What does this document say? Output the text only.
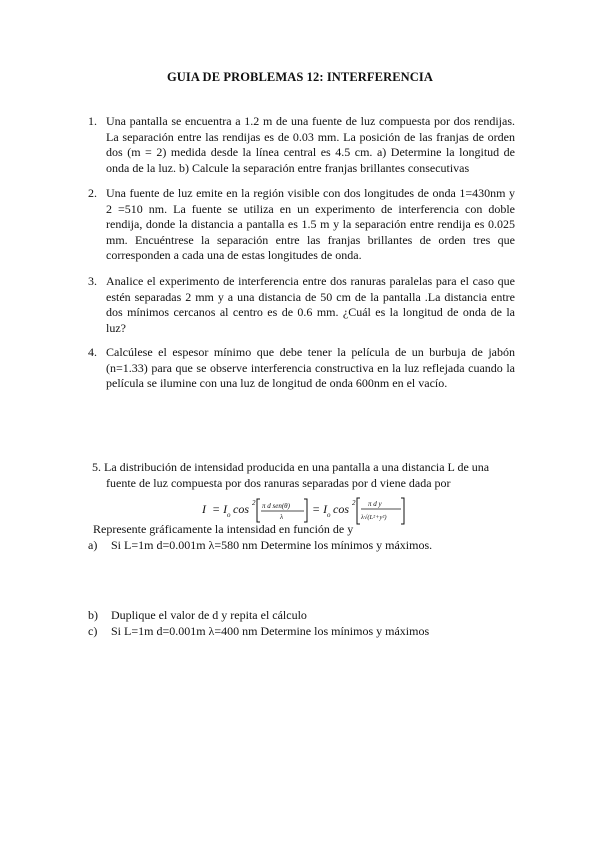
GUIA DE PROBLEMAS 12: INTERFERENCIA
1. Una pantalla se encuentra a 1.2 m de una fuente de luz compuesta por dos rendijas. La separación entre las rendijas es de 0.03 mm. La posición de las franjas de orden dos (m = 2) medida desde la línea central es 4.5 cm. a) Determine la longitud de onda de la luz. b) Calcule la separación entre franjas brillantes consecutivas
2. Una fuente de luz emite en la región visible con dos longitudes de onda 1=430nm y 2 =510 nm. La fuente se utiliza en un experimento de interferencia con doble rendija, donde la distancia a pantalla es 1.5 m y la separación entre rendija es 0.025 mm. Encuéntrese la separación entre las franjas brillantes de orden tres que corresponden a cada una de estas longitudes de onda.
3. Analice el experimento de interferencia entre dos ranuras paralelas para el caso que estén separadas 2 mm y a una distancia de 50 cm de la pantalla .La distancia entre dos mínimos cercanos al centro es de 0.6 mm. ¿Cuál es la longitud de onda de la luz?
4. Calcúlese el espesor mínimo que debe tener la película de un burbuja de jabón (n=1.33) para que se observe interferencia constructiva en la luz reflejada cuando la película se ilumine con una luz de longitud de onda 600nm en el vacío.
5. La distribución de intensidad producida en una pantalla a una distancia L de una
fuente de luz compuesta por dos ranuras separadas por d viene dada por
I = I o cos 2 π d sen(θ)
λ
= I o cos 2 π d y
λ√(L²+y²)
Represente gráficamente la intensidad en función de y
a) Si L=1m d=0.001m λ=580 nm Determine los mínimos y máximos.
b) Duplique el valor de d y repita el cálculo
c) Si L=1m d=0.001m λ=400 nm Determine los mínimos y máximos
